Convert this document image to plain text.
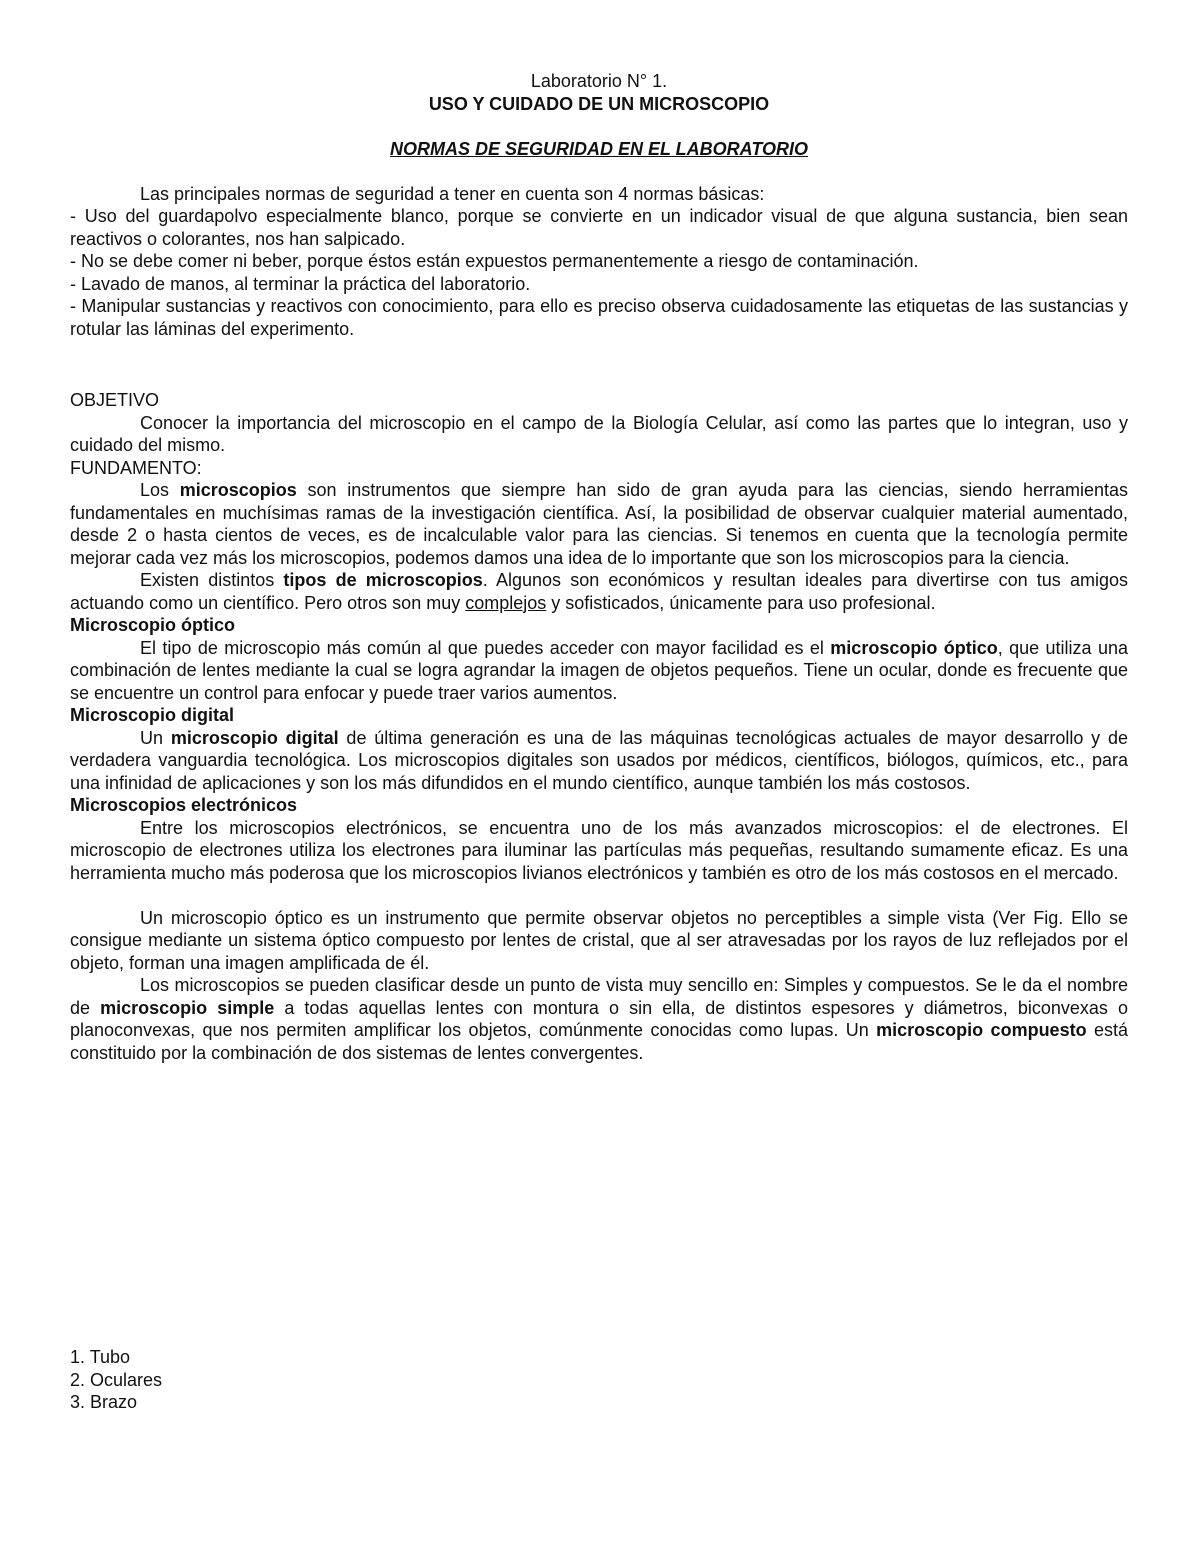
Laboratorio N° 1.

USO Y CUIDADO DE UN MICROSCOPIO

NORMAS DE SEGURIDAD EN EL LABORATORIO

Las principales normas de seguridad a tener en cuenta son 4 normas básicas:

- Uso del guardapolvo especialmente blanco, porque se convierte en un indicador visual de que alguna sustancia, bien sean reactivos o colorantes, nos han salpicado.

- No se debe comer ni beber, porque éstos están expuestos permanentemente a riesgo de contaminación.

- Lavado de manos, al terminar la práctica del laboratorio.

- Manipular sustancias y reactivos con conocimiento, para ello es preciso observa cuidadosamente las etiquetas de las sustancias y rotular las láminas del experimento.

OBJETIVO

Conocer la importancia del microscopio en el campo de la Biología Celular, así como las partes que lo integran, uso y cuidado del mismo.

FUNDAMENTO:

Los microscopios son instrumentos que siempre han sido de gran ayuda para las ciencias, siendo herramientas fundamentales en muchísimas ramas de la investigación científica. Así, la posibilidad de observar cualquier material aumentado, desde 2 o hasta cientos de veces, es de incalculable valor para las ciencias. Si tenemos en cuenta que la tecnología permite mejorar cada vez más los microscopios, podemos damos una idea de lo importante que son los microscopios para la ciencia.

Existen distintos tipos de microscopios. Algunos son económicos y resultan ideales para divertirse con tus amigos actuando como un científico. Pero otros son muy complejos y sofisticados, únicamente para uso profesional.

Microscopio óptico

El tipo de microscopio más común al que puedes acceder con mayor facilidad es el microscopio óptico, que utiliza una combinación de lentes mediante la cual se logra agrandar la imagen de objetos pequeños. Tiene un ocular, donde es frecuente que se encuentre un control para enfocar y puede traer varios aumentos.

Microscopio digital

Un microscopio digital de última generación es una de las máquinas tecnológicas actuales de mayor desarrollo y de verdadera vanguardia tecnológica. Los microscopios digitales son usados por médicos, científicos, biólogos, químicos, etc., para una infinidad de aplicaciones y son los más difundidos en el mundo científico, aunque también los más costosos.

Microscopios electrónicos

Entre los microscopios electrónicos, se encuentra uno de los más avanzados microscopios: el de electrones. El microscopio de electrones utiliza los electrones para iluminar las partículas más pequeñas, resultando sumamente eficaz. Es una herramienta mucho más poderosa que los microscopios livianos electrónicos y también es otro de los más costosos en el mercado.

Un microscopio óptico es un instrumento que permite observar objetos no perceptibles a simple vista (Ver Fig. Ello se consigue mediante un sistema óptico compuesto por lentes de cristal, que al ser atravesadas por los rayos de luz reflejados por el objeto, forman una imagen amplificada de él.

Los microscopios se pueden clasificar desde un punto de vista muy sencillo en: Simples y compuestos. Se le da el nombre de microscopio simple a todas aquellas lentes con montura o sin ella, de distintos espesores y diámetros, biconvexas o planoconvexas, que nos permiten amplificar los objetos, comúnmente conocidas como lupas. Un microscopio compuesto está constituido por la combinación de dos sistemas de lentes convergentes.

1. Tubo

2. Oculares

3. Brazo
